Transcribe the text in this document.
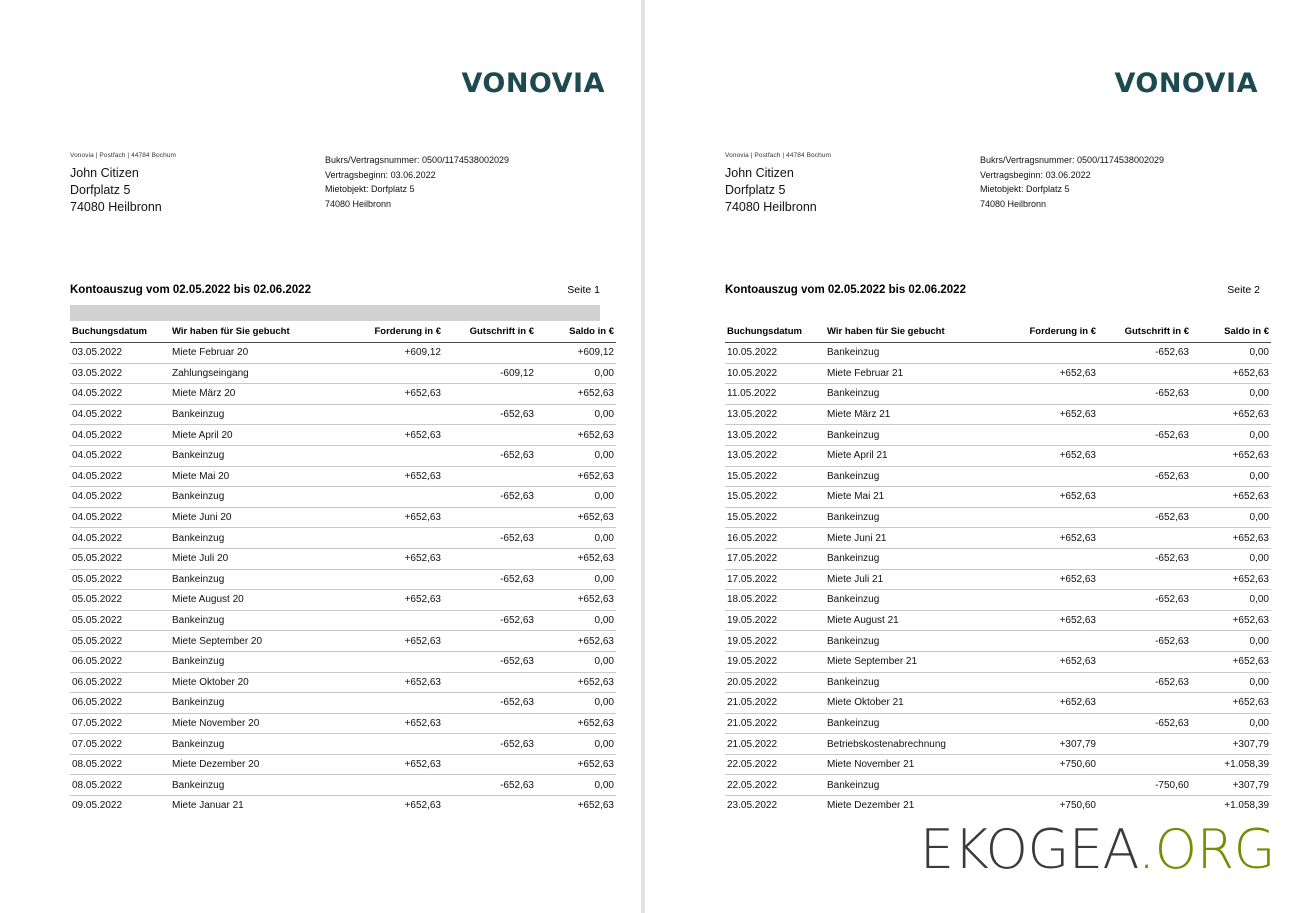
VONOVIA
Vonovia | Postfach | 44784 Bochum
John Citizen
Dorfplatz 5
74080 Heilbronn
Bukrs/Vertragsnummer: 0500/1174538002029
Vertragsbeginn: 03.06.2022
Mietobjekt: Dorfplatz 5
74080 Heilbronn
Kontoauszug vom 02.05.2022 bis 02.06.2022	Seite 1
Buchungsdatum	Wir haben für Sie gebucht	Forderung in €	Gutschrift in €	Saldo in €
03.05.2022	Miete Februar 20	+609,12		+609,12
03.05.2022	Zahlungseingang		-609,12	0,00
04.05.2022	Miete März 20	+652,63		+652,63
04.05.2022	Bankeinzug		-652,63	0,00
04.05.2022	Miete April 20	+652,63		+652,63
04.05.2022	Bankeinzug		-652,63	0,00
04.05.2022	Miete Mai 20	+652,63		+652,63
04.05.2022	Bankeinzug		-652,63	0,00
04.05.2022	Miete Juni 20	+652,63		+652,63
04.05.2022	Bankeinzug		-652,63	0,00
05.05.2022	Miete Juli 20	+652,63		+652,63
05.05.2022	Bankeinzug		-652,63	0,00
05.05.2022	Miete August 20	+652,63		+652,63
05.05.2022	Bankeinzug		-652,63	0,00
05.05.2022	Miete September 20	+652,63		+652,63
06.05.2022	Bankeinzug		-652,63	0,00
06.05.2022	Miete Oktober 20	+652,63		+652,63
06.05.2022	Bankeinzug		-652,63	0,00
07.05.2022	Miete November 20	+652,63		+652,63
07.05.2022	Bankeinzug		-652,63	0,00
08.05.2022	Miete Dezember 20	+652,63		+652,63
08.05.2022	Bankeinzug		-652,63	0,00
09.05.2022	Miete Januar 21	+652,63		+652,63
VONOVIA
Vonovia | Postfach | 44784 Bochum
John Citizen
Dorfplatz 5
74080 Heilbronn
Bukrs/Vertragsnummer: 0500/1174538002029
Vertragsbeginn: 03.06.2022
Mietobjekt: Dorfplatz 5
74080 Heilbronn
Kontoauszug vom 02.05.2022 bis 02.06.2022	Seite 2
Buchungsdatum	Wir haben für Sie gebucht	Forderung in €	Gutschrift in €	Saldo in €
10.05.2022	Bankeinzug		-652,63	0,00
10.05.2022	Miete Februar 21	+652,63		+652,63
11.05.2022	Bankeinzug		-652,63	0,00
13.05.2022	Miete März 21	+652,63		+652,63
13.05.2022	Bankeinzug		-652,63	0,00
13.05.2022	Miete April 21	+652,63		+652,63
15.05.2022	Bankeinzug		-652,63	0,00
15.05.2022	Miete Mai 21	+652,63		+652,63
15.05.2022	Bankeinzug		-652,63	0,00
16.05.2022	Miete Juni 21	+652,63		+652,63
17.05.2022	Bankeinzug		-652,63	0,00
17.05.2022	Miete Juli 21	+652,63		+652,63
18.05.2022	Bankeinzug		-652,63	0,00
19.05.2022	Miete August 21	+652,63		+652,63
19.05.2022	Bankeinzug		-652,63	0,00
19.05.2022	Miete September 21	+652,63		+652,63
20.05.2022	Bankeinzug		-652,63	0,00
21.05.2022	Miete Oktober 21	+652,63		+652,63
21.05.2022	Bankeinzug		-652,63	0,00
21.05.2022	Betriebskostenabrechnung	+307,79		+307,79
22.05.2022	Miete November 21	+750,60		+1.058,39
22.05.2022	Bankeinzug		-750,60	+307,79
23.05.2022	Miete Dezember 21	+750,60		+1.058,39
EKOGEA.ORG
